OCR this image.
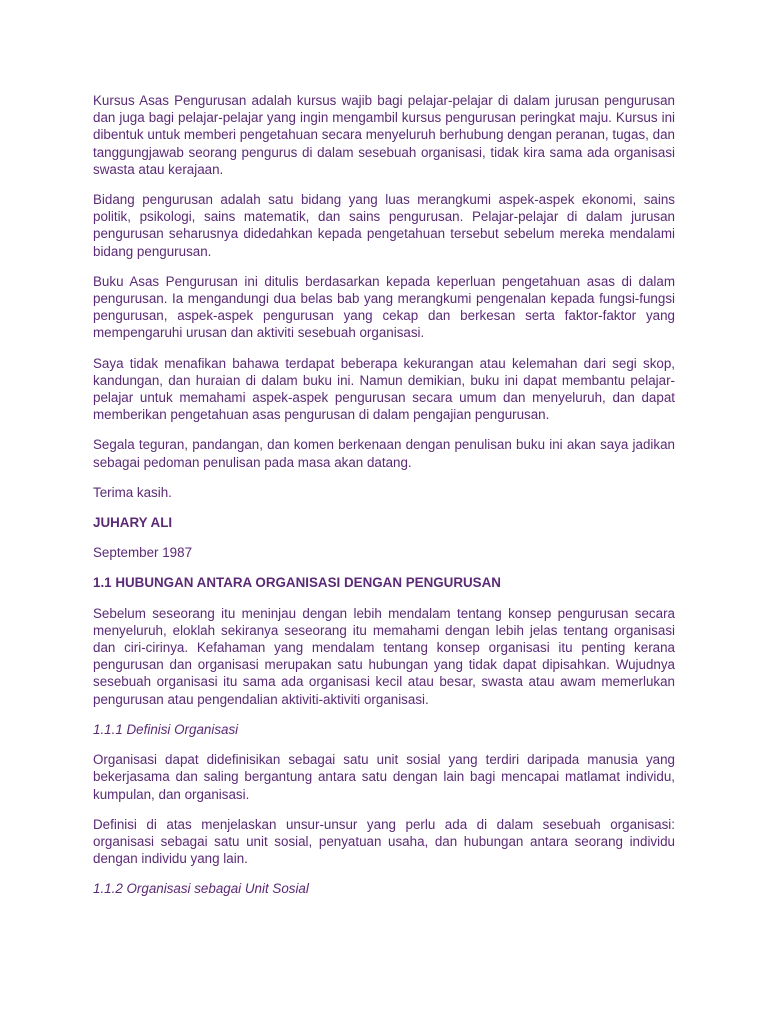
Kursus Asas Pengurusan adalah kursus wajib bagi pelajar-pelajar di dalam jurusan pengurusan dan juga bagi pelajar-pelajar yang ingin mengambil kursus pengurusan peringkat maju. Kursus ini dibentuk untuk memberi pengetahuan secara menyeluruh berhubung dengan peranan, tugas, dan tanggungjawab seorang pengurus di dalam sesebuah organisasi, tidak kira sama ada organisasi swasta atau kerajaan.

Bidang pengurusan adalah satu bidang yang luas merangkumi aspek-aspek ekonomi, sains politik, psikologi, sains matematik, dan sains pengurusan. Pelajar-pelajar di dalam jurusan pengurusan seharusnya didedahkan kepada pengetahuan tersebut sebelum mereka mendalami bidang pengurusan.

Buku Asas Pengurusan ini ditulis berdasarkan kepada keperluan pengetahuan asas di dalam pengurusan. Ia mengandungi dua belas bab yang merangkumi pengenalan kepada fungsi-fungsi pengurusan, aspek-aspek pengurusan yang cekap dan berkesan serta faktor-faktor yang mempengaruhi urusan dan aktiviti sesebuah organisasi.

Saya tidak menafikan bahawa terdapat beberapa kekurangan atau kelemahan dari segi skop, kandungan, dan huraian di dalam buku ini. Namun demikian, buku ini dapat membantu pelajar-pelajar untuk memahami aspek-aspek pengurusan secara umum dan menyeluruh, dan dapat memberikan pengetahuan asas pengurusan di dalam pengajian pengurusan.

Segala teguran, pandangan, dan komen berkenaan dengan penulisan buku ini akan saya jadikan sebagai pedoman penulisan pada masa akan datang.

Terima kasih.

JUHARY ALI

September 1987

1.1 HUBUNGAN ANTARA ORGANISASI DENGAN PENGURUSAN

Sebelum seseorang itu meninjau dengan lebih mendalam tentang konsep pengurusan secara menyeluruh, eloklah sekiranya seseorang itu memahami dengan lebih jelas tentang organisasi dan ciri-cirinya. Kefahaman yang mendalam tentang konsep organisasi itu penting kerana pengurusan dan organisasi merupakan satu hubungan yang tidak dapat dipisahkan. Wujudnya sesebuah organisasi itu sama ada organisasi kecil atau besar, swasta atau awam memerlukan pengurusan atau pengendalian aktiviti-aktiviti organisasi.

1.1.1 Definisi Organisasi

Organisasi dapat didefinisikan sebagai satu unit sosial yang terdiri daripada manusia yang bekerjasama dan saling bergantung antara satu dengan lain bagi mencapai matlamat individu, kumpulan, dan organisasi.

Definisi di atas menjelaskan unsur-unsur yang perlu ada di dalam sesebuah organisasi: organisasi sebagai satu unit sosial, penyatuan usaha, dan hubungan antara seorang individu dengan individu yang lain.

1.1.2 Organisasi sebagai Unit Sosial
